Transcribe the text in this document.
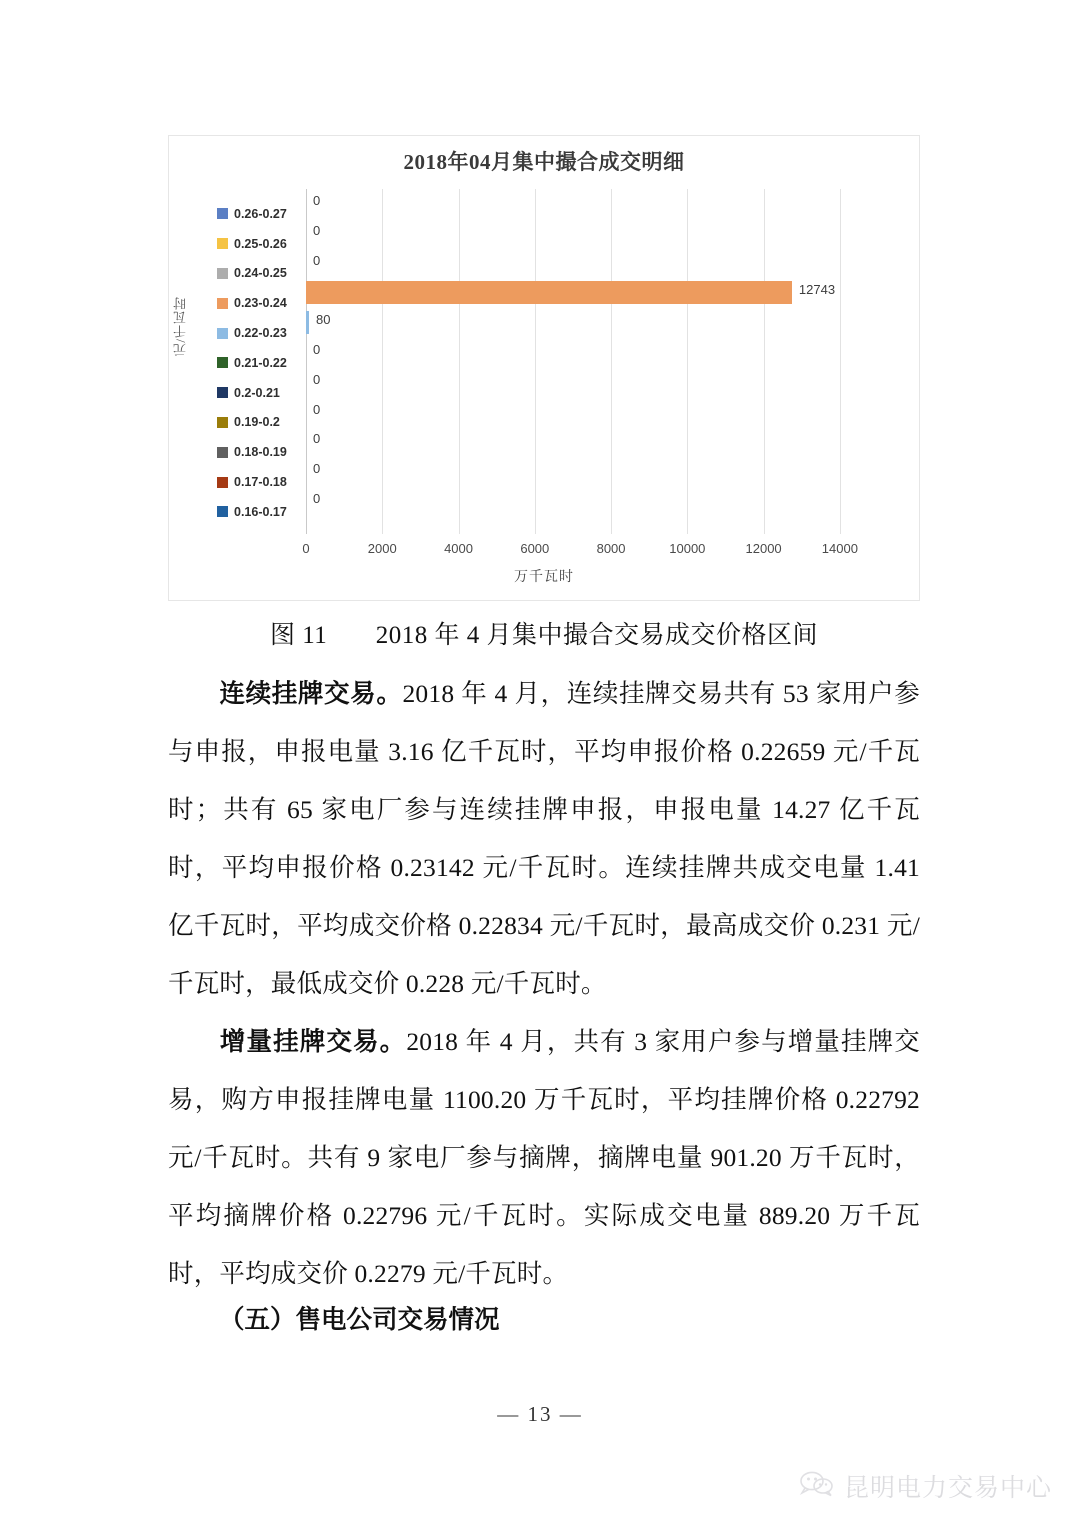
2018年04月集中撮合成交明细
元/千瓦时
0.26-0.27
0.25-0.26
0.24-0.25
0.23-0.24
0.22-0.23
0.21-0.22
0.2-0.21
0.19-0.2
0.18-0.19
0.17-0.18
0.16-0.17
0
0
0
12743
80
0
0
0
0
0
0
0	2000	4000	6000	8000	10000	12000	14000
万千瓦时
图 11 2018 年 4 月集中撮合交易成交价格区间
连续挂牌交易。2018 年 4 月，连续挂牌交易共有 53 家用户参与申报，申报电量 3.16 亿千瓦时，平均申报价格 0.22659 元/千瓦时；共有 65 家电厂参与连续挂牌申报，申报电量 14.27 亿千瓦时，平均申报价格 0.23142 元/千瓦时。连续挂牌共成交电量 1.41 亿千瓦时，平均成交价格 0.22834 元/千瓦时，最高成交价 0.231 元/千瓦时，最低成交价 0.228 元/千瓦时。
增量挂牌交易。2018 年 4 月，共有 3 家用户参与增量挂牌交易，购方申报挂牌电量 1100.20 万千瓦时，平均挂牌价格 0.22792 元/千瓦时。共有 9 家电厂参与摘牌，摘牌电量 901.20 万千瓦时，平均摘牌价格 0.22796 元/千瓦时。实际成交电量 889.20 万千瓦时，平均成交价 0.2279 元/千瓦时。
（五）售电公司交易情况
— 13 —
昆明电力交易中心
